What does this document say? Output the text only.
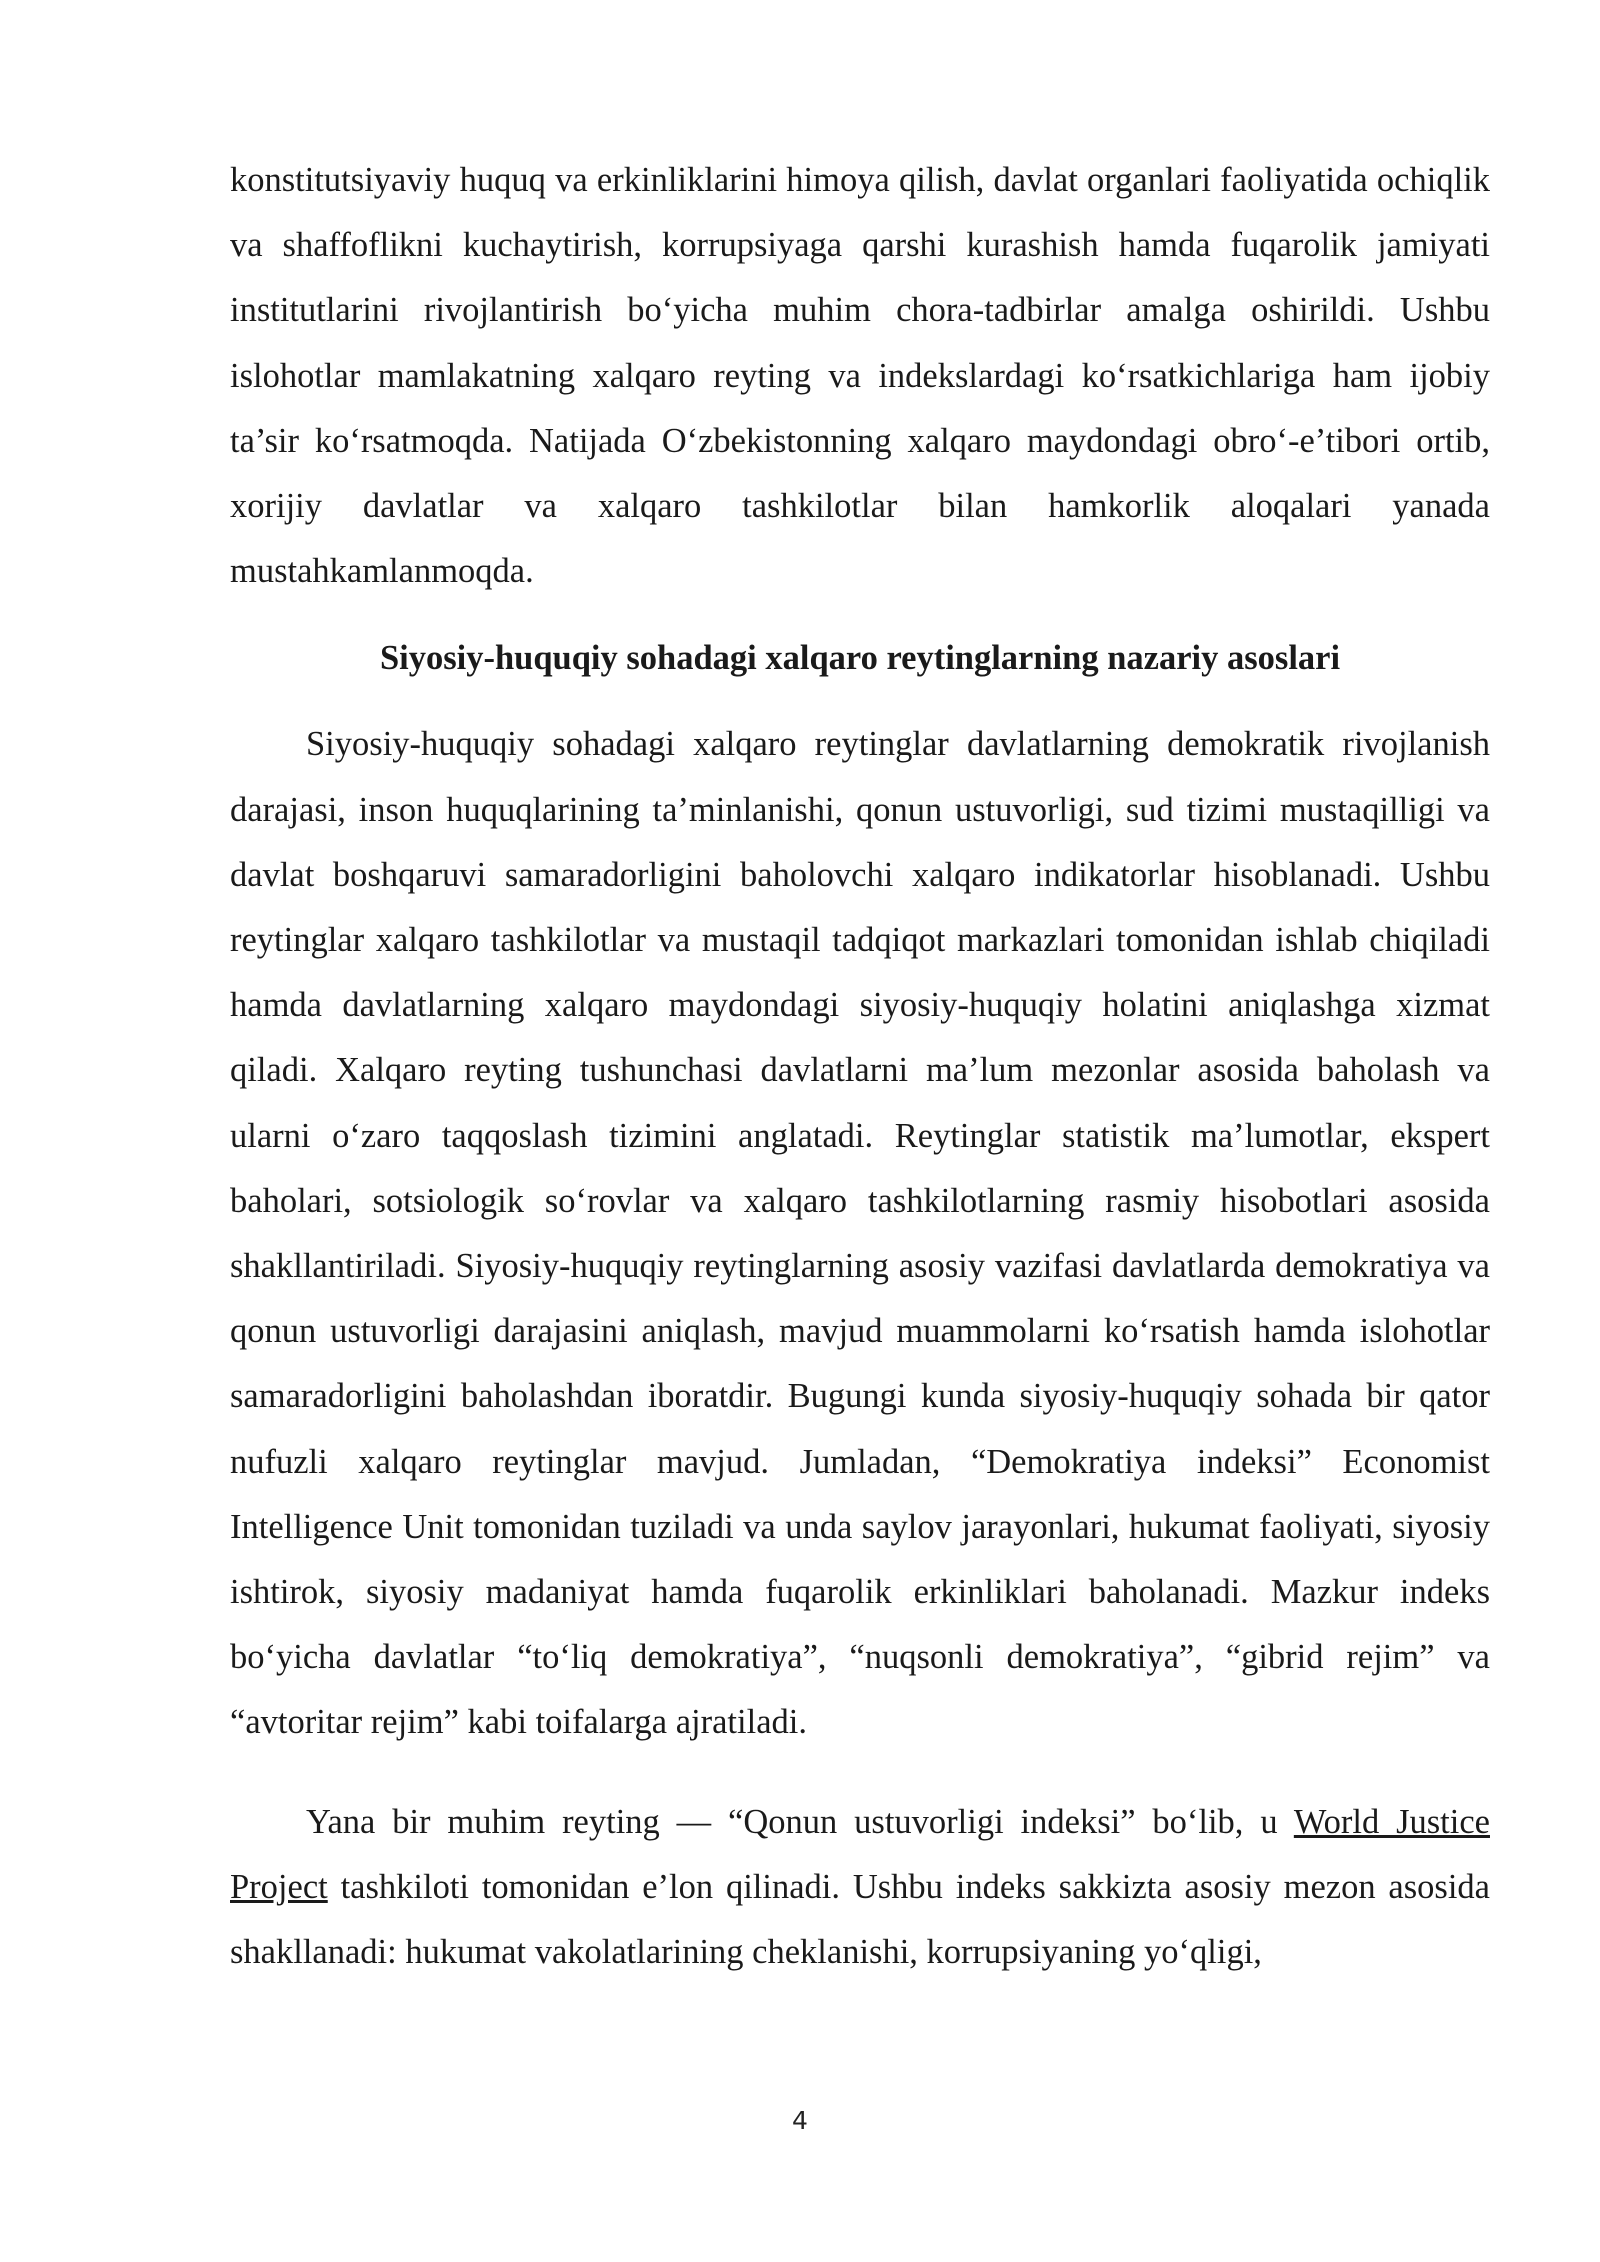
konstitutsiyaviy huquq va erkinliklarini himoya qilish, davlat organlari faoliyatida ochiqlik va shaffoflikni kuchaytirish, korrupsiyaga qarshi kurashish hamda fuqarolik jamiyati institutlarini rivojlantirish bo‘yicha muhim chora-tadbirlar amalga oshirildi. Ushbu islohotlar mamlakatning xalqaro reyting va indekslardagi ko‘rsatkichlariga ham ijobiy ta’sir ko‘rsatmoqda. Natijada O‘zbekistonning xalqaro maydondagi obro‘-e’tibori ortib, xorijiy davlatlar va xalqaro tashkilotlar bilan hamkorlik aloqalari yanada mustahkamlanmoqda.

Siyosiy-huquqiy sohadagi xalqaro reytinglarning nazariy asoslari

Siyosiy-huquqiy sohadagi xalqaro reytinglar davlatlarning demokratik rivojlanish darajasi, inson huquqlarining ta’minlanishi, qonun ustuvorligi, sud tizimi mustaqilligi va davlat boshqaruvi samaradorligini baholovchi xalqaro indikatorlar hisoblanadi. Ushbu reytinglar xalqaro tashkilotlar va mustaqil tadqiqot markazlari tomonidan ishlab chiqiladi hamda davlatlarning xalqaro maydondagi siyosiy-huquqiy holatini aniqlashga xizmat qiladi. Xalqaro reyting tushunchasi davlatlarni ma’lum mezonlar asosida baholash va ularni o‘zaro taqqoslash tizimini anglatadi. Reytinglar statistik ma’lumotlar, ekspert baholari, sotsiologik so‘rovlar va xalqaro tashkilotlarning rasmiy hisobotlari asosida shakllantiriladi. Siyosiy-huquqiy reytinglarning asosiy vazifasi davlatlarda demokratiya va qonun ustuvorligi darajasini aniqlash, mavjud muammolarni ko‘rsatish hamda islohotlar samaradorligini baholashdan iboratdir. Bugungi kunda siyosiy-huquqiy sohada bir qator nufuzli xalqaro reytinglar mavjud. Jumladan, “Demokratiya indeksi” Economist Intelligence Unit tomonidan tuziladi va unda saylov jarayonlari, hukumat faoliyati, siyosiy ishtirok, siyosiy madaniyat hamda fuqarolik erkinliklari baholanadi. Mazkur indeks bo‘yicha davlatlar “to‘liq demokratiya”, “nuqsonli demokratiya”, “gibrid rejim” va “avtoritar rejim” kabi toifalarga ajratiladi.

Yana bir muhim reyting — “Qonun ustuvorligi indeksi” bo‘lib, u World Justice Project tashkiloti tomonidan e’lon qilinadi. Ushbu indeks sakkizta asosiy mezon asosida shakllanadi: hukumat vakolatlarining cheklanishi, korrupsiyaning yo‘qligi,

4
